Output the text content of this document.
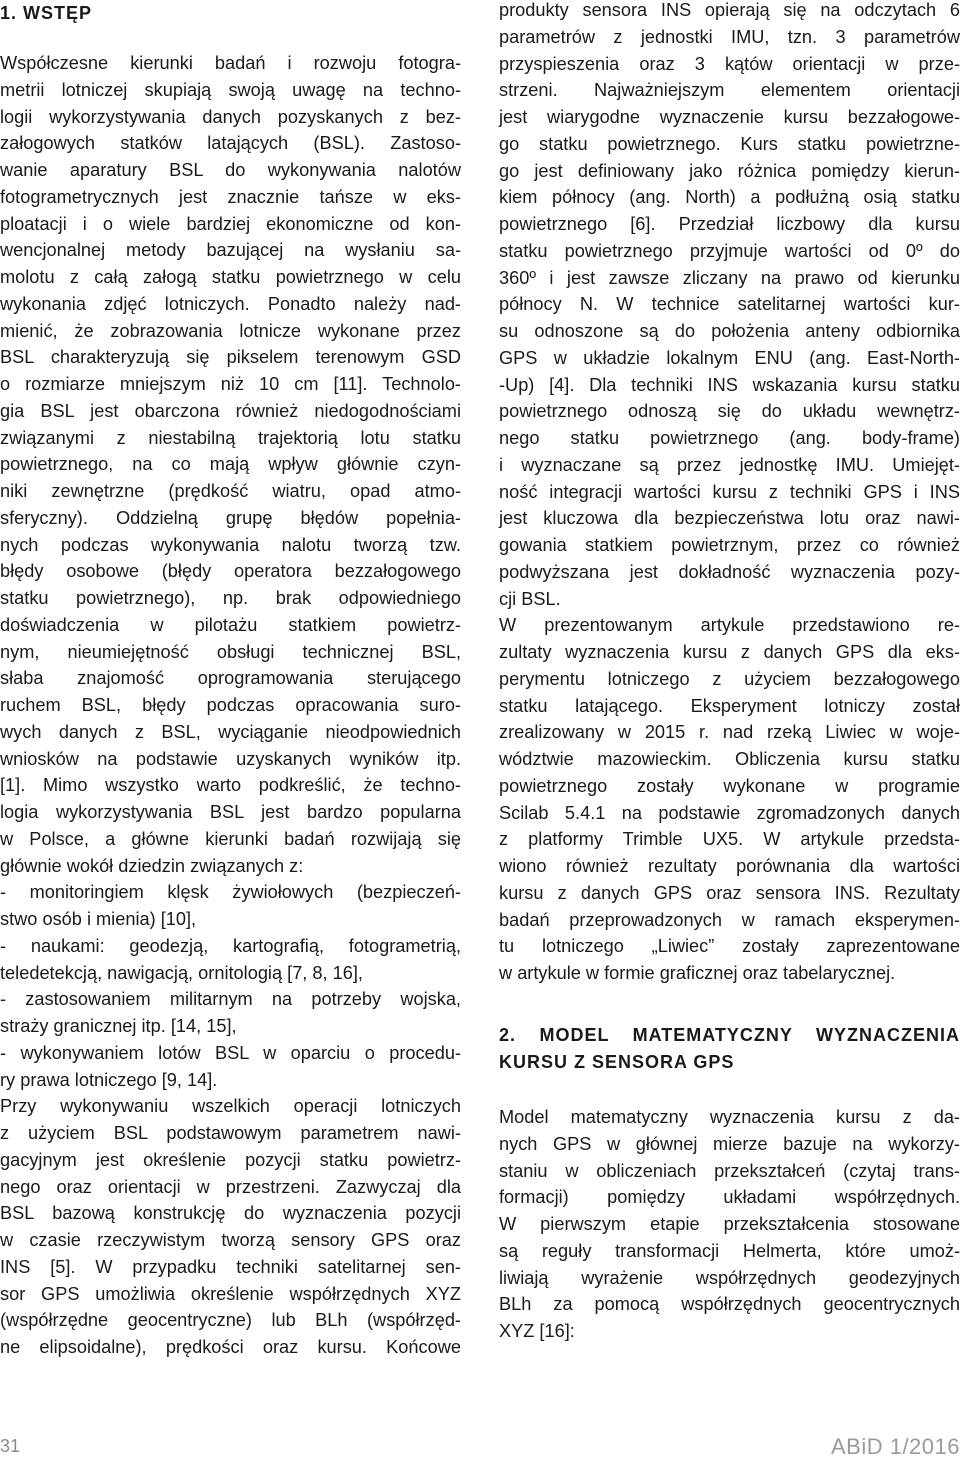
1. WSTĘP
Współczesne kierunki badań i rozwoju fotogra-
metrii lotniczej skupiają swoją uwagę na techno-
logii wykorzystywania danych pozyskanych z bez-
załogowych statków latających (BSL). Zastoso-
wanie aparatury BSL do wykonywania nalotów
fotogrametrycznych jest znacznie tańsze w eks-
ploatacji i o wiele bardziej ekonomiczne od kon-
wencjonalnej metody bazującej na wysłaniu sa-
molotu z całą załogą statku powietrznego w celu
wykonania zdjęć lotniczych. Ponadto należy nad-
mienić, że zobrazowania lotnicze wykonane przez
BSL charakteryzują się pikselem terenowym GSD
o rozmiarze mniejszym niż 10 cm [11]. Technolo-
gia BSL jest obarczona również niedogodnościami
związanymi z niestabilną trajektorią lotu statku
powietrznego, na co mają wpływ głównie czyn-
niki zewnętrzne (prędkość wiatru, opad atmo-
sferyczny). Oddzielną grupę błędów popełnia-
nych podczas wykonywania nalotu tworzą tzw.
błędy osobowe (błędy operatora bezzałogowego
statku powietrznego), np. brak odpowiedniego
doświadczenia w pilotażu statkiem powietrz-
nym, nieumiejętność obsługi technicznej BSL,
słaba znajomość oprogramowania sterującego
ruchem BSL, błędy podczas opracowania suro-
wych danych z BSL, wyciąganie nieodpowiednich
wniosków na podstawie uzyskanych wyników itp.
[1]. Mimo wszystko warto podkreślić, że techno-
logia wykorzystywania BSL jest bardzo popularna
w Polsce, a główne kierunki badań rozwijają się
głównie wokół dziedzin związanych z:
- monitoringiem klęsk żywiołowych (bezpieczeń-
stwo osób i mienia) [10],
- naukami: geodezją, kartografią, fotogrametrią,
teledetekcją, nawigacją, ornitologią [7, 8, 16],
- zastosowaniem militarnym na potrzeby wojska,
straży granicznej itp. [14, 15],
- wykonywaniem lotów BSL w oparciu o procedu-
ry prawa lotniczego [9, 14].
Przy wykonywaniu wszelkich operacji lotniczych
z użyciem BSL podstawowym parametrem nawi-
gacyjnym jest określenie pozycji statku powietrz-
nego oraz orientacji w przestrzeni. Zazwyczaj dla
BSL bazową konstrukcję do wyznaczenia pozycji
w czasie rzeczywistym tworzą sensory GPS oraz
INS [5]. W przypadku techniki satelitarnej sen-
sor GPS umożliwia określenie współrzędnych XYZ
(współrzędne geocentryczne) lub BLh (współrzęd-
ne elipsoidalne), prędkości oraz kursu. Końcowe
produkty sensora INS opierają się na odczytach 6
parametrów z jednostki IMU, tzn. 3 parametrów
przyspieszenia oraz 3 kątów orientacji w prze-
strzeni. Najważniejszym elementem orientacji
jest wiarygodne wyznaczenie kursu bezzałogowe-
go statku powietrznego. Kurs statku powietrzne-
go jest definiowany jako różnica pomiędzy kierun-
kiem północy (ang. North) a podłużną osią statku
powietrznego [6]. Przedział liczbowy dla kursu
statku powietrznego przyjmuje wartości od 0º do
360º i jest zawsze zliczany na prawo od kierunku
północy N. W technice satelitarnej wartości kur-
su odnoszone są do położenia anteny odbiornika
GPS w układzie lokalnym ENU (ang. East-North-
-Up) [4]. Dla techniki INS wskazania kursu statku
powietrznego odnoszą się do układu wewnętrz-
nego statku powietrznego (ang. body-frame)
i wyznaczane są przez jednostkę IMU. Umiejęt-
ność integracji wartości kursu z techniki GPS i INS
jest kluczowa dla bezpieczeństwa lotu oraz nawi-
gowania statkiem powietrznym, przez co również
podwyższana jest dokładność wyznaczenia pozy-
cji BSL.
W prezentowanym artykule przedstawiono re-
zultaty wyznaczenia kursu z danych GPS dla eks-
perymentu lotniczego z użyciem bezzałogowego
statku latającego. Eksperyment lotniczy został
zrealizowany w 2015 r. nad rzeką Liwiec w woje-
wództwie mazowieckim. Obliczenia kursu statku
powietrznego zostały wykonane w programie
Scilab 5.4.1 na podstawie zgromadzonych danych
z platformy Trimble UX5. W artykule przedsta-
wiono również rezultaty porównania dla wartości
kursu z danych GPS oraz sensora INS. Rezultaty
badań przeprowadzonych w ramach eksperymen-
tu lotniczego „Liwiec” zostały zaprezentowane
w artykule w formie graficznej oraz tabelarycznej.
2. MODEL MATEMATYCZNY WYZNACZENIA
KURSU Z SENSORA GPS
Model matematyczny wyznaczenia kursu z da-
nych GPS w głównej mierze bazuje na wykorzy-
staniu w obliczeniach przekształceń (czytaj trans-
formacji) pomiędzy układami współrzędnych.
W pierwszym etapie przekształcenia stosowane
są reguły transformacji Helmerta, które umoż-
liwiają wyrażenie współrzędnych geodezyjnych
BLh za pomocą współrzędnych geocentrycznych
XYZ [16]:
31	ABiD 1/2016
